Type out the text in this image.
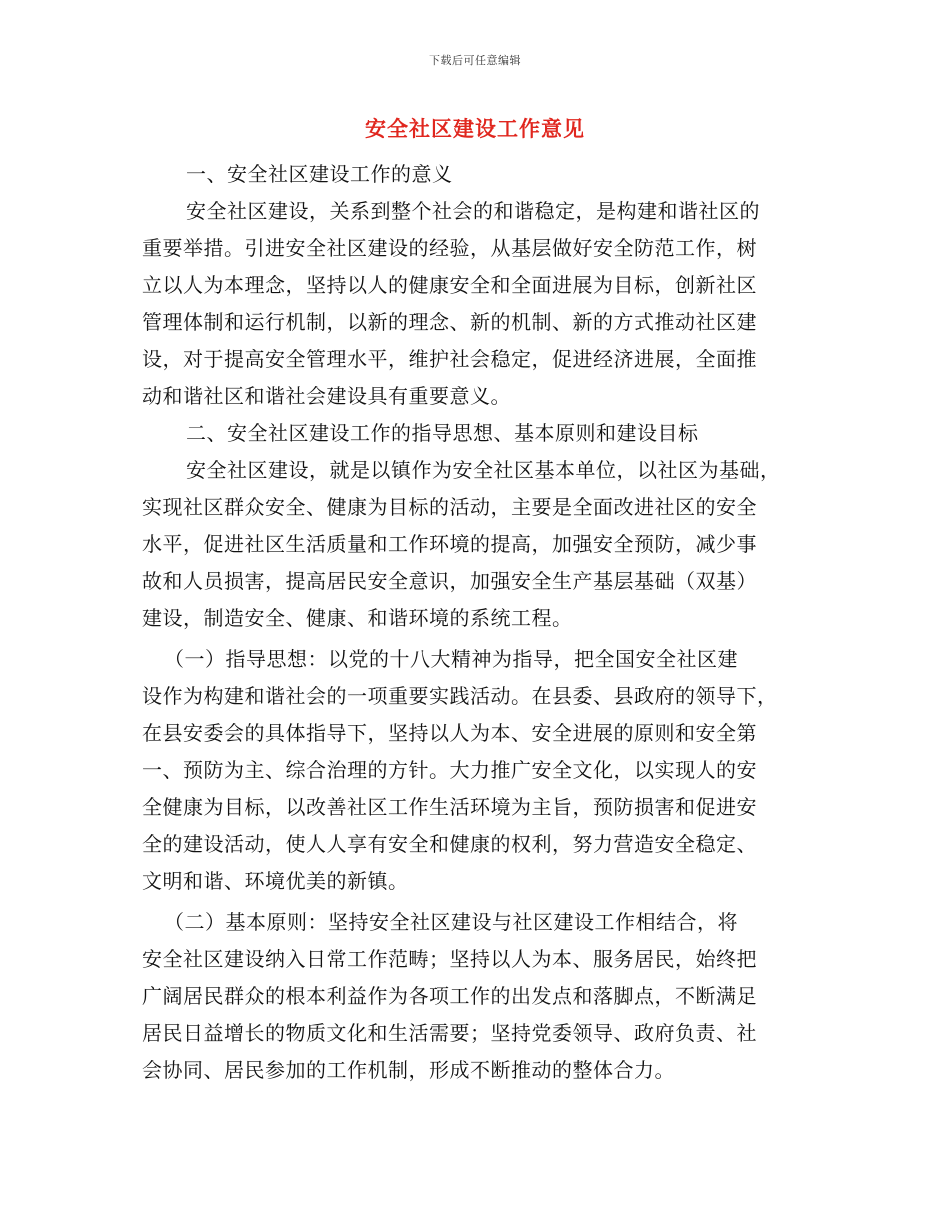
下载后可任意编辑
安全社区建设工作意见
一、安全社区建设工作的意义
安全社区建设，关系到整个社会的和谐稳定，是构建和谐社区的
重要举措。引进安全社区建设的经验，从基层做好安全防范工作，树
立以人为本理念，坚持以人的健康安全和全面进展为目标，创新社区
管理体制和运行机制，以新的理念、新的机制、新的方式推动社区建
设，对于提高安全管理水平，维护社会稳定，促进经济进展，全面推
动和谐社区和谐社会建设具有重要意义。
二、安全社区建设工作的指导思想、基本原则和建设目标
安全社区建设，就是以镇作为安全社区基本单位，以社区为基础，
实现社区群众安全、健康为目标的活动，主要是全面改进社区的安全
水平，促进社区生活质量和工作环境的提高，加强安全预防，减少事
故和人员损害，提高居民安全意识，加强安全生产基层基础（双基）
建设，制造安全、健康、和谐环境的系统工程。
（一）指导思想：以党的十八大精神为指导，把全国安全社区建
设作为构建和谐社会的一项重要实践活动。在县委、县政府的领导下，
在县安委会的具体指导下，坚持以人为本、安全进展的原则和安全第
一、预防为主、综合治理的方针。大力推广安全文化，以实现人的安
全健康为目标，以改善社区工作生活环境为主旨，预防损害和促进安
全的建设活动，使人人享有安全和健康的权利，努力营造安全稳定、
文明和谐、环境优美的新镇。
（二）基本原则：坚持安全社区建设与社区建设工作相结合，将
安全社区建设纳入日常工作范畴；坚持以人为本、服务居民，始终把
广阔居民群众的根本利益作为各项工作的出发点和落脚点，不断满足
居民日益增长的物质文化和生活需要；坚持党委领导、政府负责、社
会协同、居民参加的工作机制，形成不断推动的整体合力。
